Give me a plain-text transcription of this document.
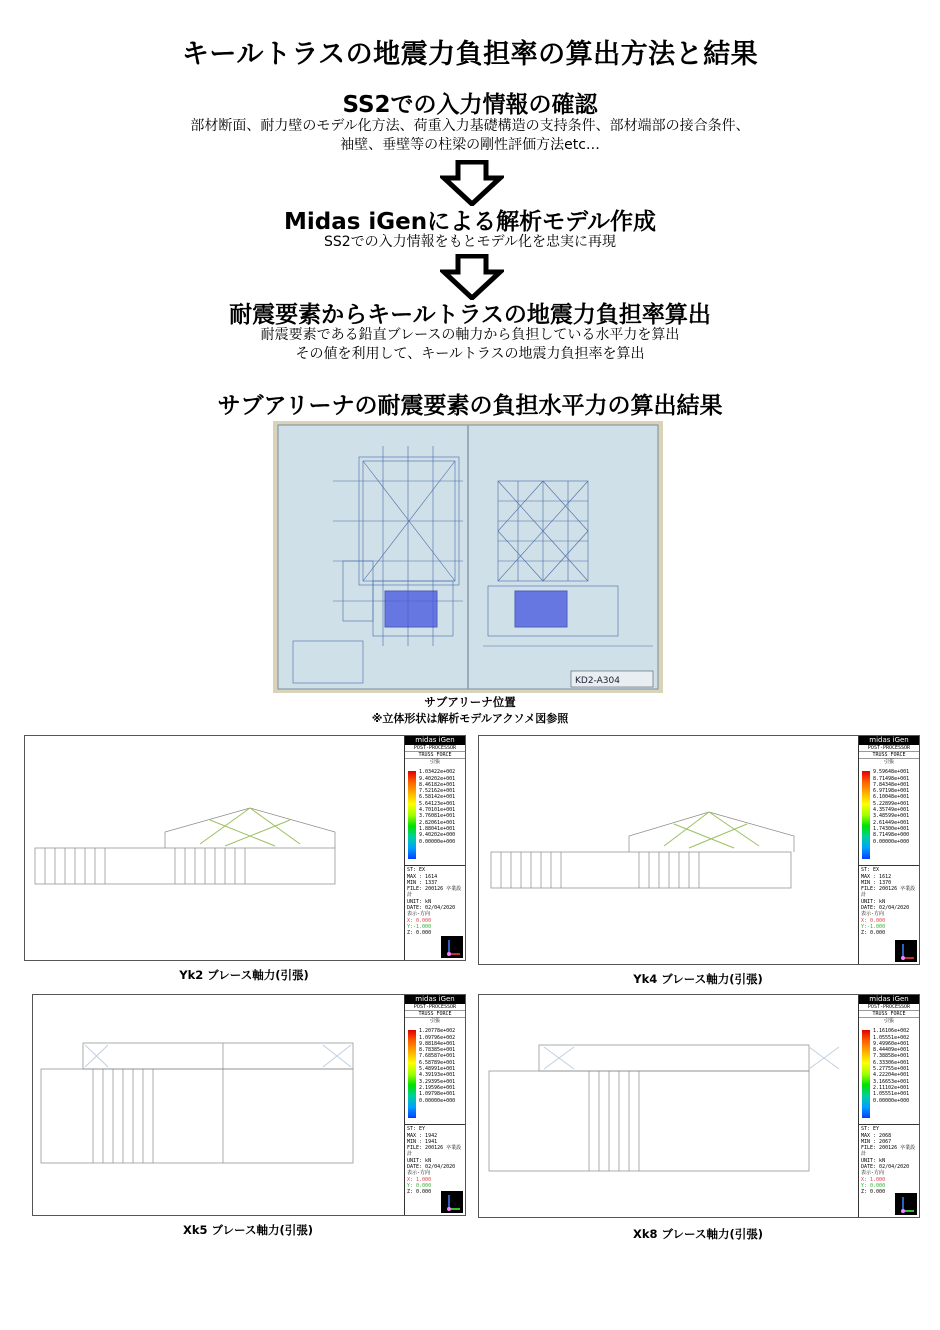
キールトラスの地震力負担率の算出方法と結果
SS2での入力情報の確認
部材断面、耐力壁のモデル化方法、荷重入力基礎構造の支持条件、部材端部の接合条件、
袖壁、垂壁等の柱梁の剛性評価方法etc…
Midas iGenによる解析モデル作成
SS2での入力情報をもとモデル化を忠実に再現
耐震要素からキールトラスの地震力負担率算出
耐震要素である鉛直ブレースの軸力から負担している水平力を算出
その値を利用して、キールトラスの地震力負担率を算出
サブアリーナの耐震要素の負担水平力の算出結果
KD2-A304
サブアリーナ位置
※立体形状は解析モデルアクソメ図参照
midas iGen
POST-PROCESSOR
TRUSS FORCE
引張
1.03422e+002
9.40202e+001
8.46182e+001
7.52162e+001
6.58142e+001
5.64123e+001
4.70101e+001
3.76081e+001
2.82061e+001
1.88041e+001
9.40202e+000
0.00000e+000
ST: EX
MAX : 1614
MIN : 1337
FILE: 200126 卒業設計
UNIT: kN
DATE: 02/04/2020
表示-方向
X: 0.000
Y:-1.000
Z: 0.000
Yk2 ブレース軸力(引張)
midas iGen
POST-PROCESSOR
TRUSS FORCE
引張
9.59648e+001
8.71498e+001
7.84348e+001
6.97198e+001
6.10048e+001
5.22899e+001
4.35749e+001
3.48599e+001
2.61449e+001
1.74300e+001
8.71498e+000
0.00000e+000
ST: EX
MAX : 1612
MIN : 1370
FILE: 200126 卒業設計
UNIT: kN
DATE: 02/04/2020
表示-方向
X: 0.000
Y:-1.000
Z: 0.000
Yk4 ブレース軸力(引張)
midas iGen
POST-PROCESSOR
TRUSS FORCE
引張
1.20778e+002
1.09796e+002
9.88184e+001
8.78385e+001
7.68587e+001
6.58789e+001
5.48991e+001
4.39193e+001
3.29395e+001
2.19596e+001
1.09798e+001
0.00000e+000
ST: EY
MAX : 1942
MIN : 1941
FILE: 200126 卒業設計
UNIT: kN
DATE: 02/04/2020
表示-方向
X: 1.000
Y: 0.000
Z: 0.000
Xk5 ブレース軸力(引張)
midas iGen
POST-PROCESSOR
TRUSS FORCE
引張
1.16106e+002
1.05551e+002
9.49960e+001
8.44409e+001
7.38858e+001
6.33306e+001
5.27755e+001
4.22204e+001
3.16653e+001
2.11102e+001
1.05551e+001
0.00000e+000
ST: EY
MAX : 2068
MIN : 2067
FILE: 200126 卒業設計
UNIT: kN
DATE: 02/04/2020
表示-方向
X: 1.000
Y: 0.000
Z: 0.000
Xk8 ブレース軸力(引張)
